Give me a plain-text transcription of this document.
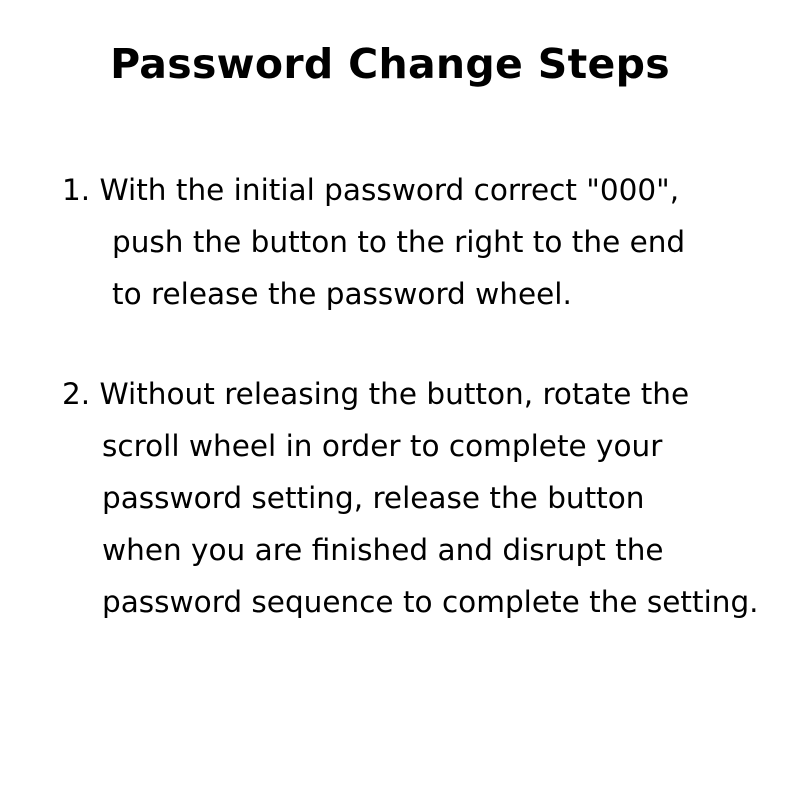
Password Change Steps
1. With the initial password correct "000",
push the button to the right to the end
to release the password wheel.
2. Without releasing the button, rotate the
scroll wheel in order to complete your
password setting, release the button
when you are finished and disrupt the
password sequence to complete the setting.
